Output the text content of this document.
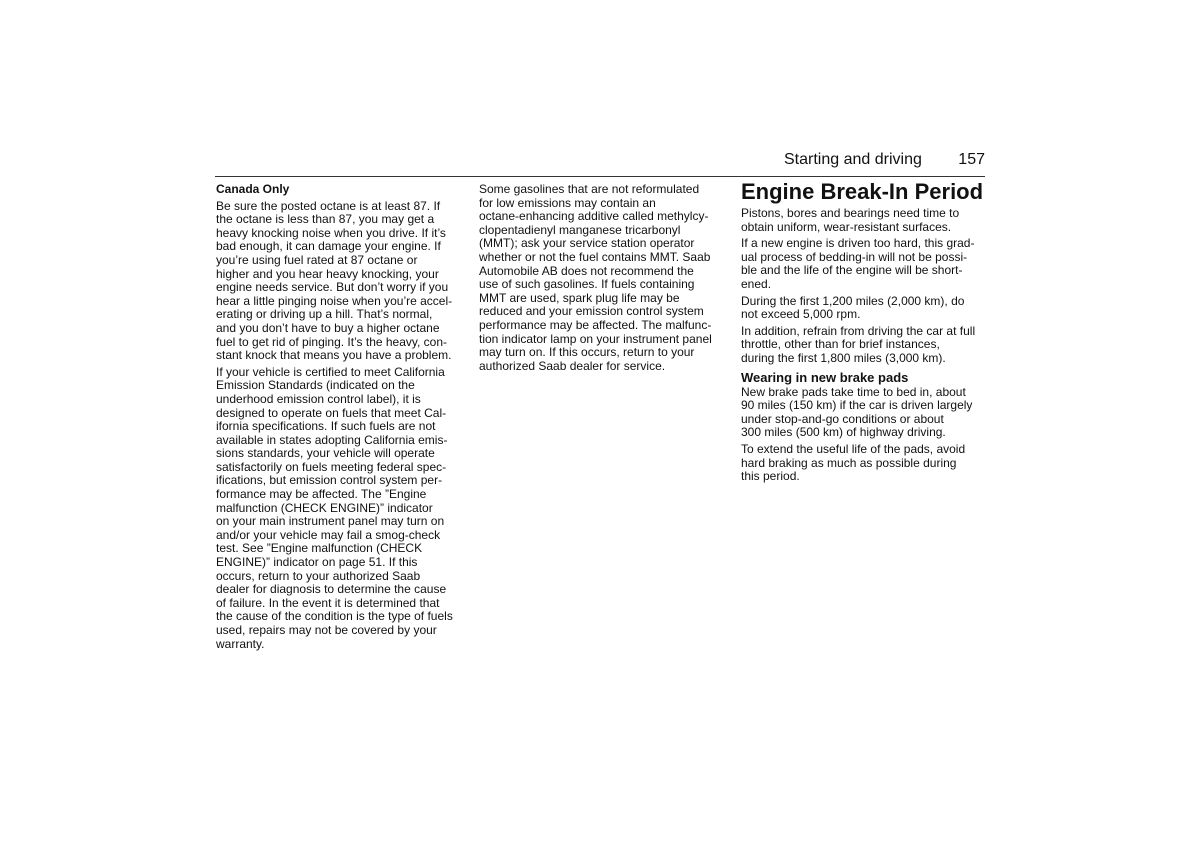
Starting and driving 157

Canada Only

Be sure the posted octane is at least 87. If
the octane is less than 87, you may get a
heavy knocking noise when you drive. If it’s
bad enough, it can damage your engine. If
you’re using fuel rated at 87 octane or
higher and you hear heavy knocking, your
engine needs service. But don’t worry if you
hear a little pinging noise when you’re accel-
erating or driving up a hill. That’s normal,
and you don’t have to buy a higher octane
fuel to get rid of pinging. It’s the heavy, con-
stant knock that means you have a problem.

If your vehicle is certified to meet California
Emission Standards (indicated on the
underhood emission control label), it is
designed to operate on fuels that meet Cal-
ifornia specifications. If such fuels are not
available in states adopting California emis-
sions standards, your vehicle will operate
satisfactorily on fuels meeting federal spec-
ifications, but emission control system per-
formance may be affected. The ”Engine
malfunction (CHECK ENGINE)” indicator
on your main instrument panel may turn on
and/or your vehicle may fail a smog-check
test. See ”Engine malfunction (CHECK
ENGINE)” indicator on page 51. If this
occurs, return to your authorized Saab
dealer for diagnosis to determine the cause
of failure. In the event it is determined that
the cause of the condition is the type of fuels
used, repairs may not be covered by your
warranty.

Some gasolines that are not reformulated
for low emissions may contain an
octane-enhancing additive called methylcy-
clopentadienyl manganese tricarbonyl
(MMT); ask your service station operator
whether or not the fuel contains MMT. Saab
Automobile AB does not recommend the
use of such gasolines. If fuels containing
MMT are used, spark plug life may be
reduced and your emission control system
performance may be affected. The malfunc-
tion indicator lamp on your instrument panel
may turn on. If this occurs, return to your
authorized Saab dealer for service.

Engine Break-In Period

Pistons, bores and bearings need time to
obtain uniform, wear-resistant surfaces.

If a new engine is driven too hard, this grad-
ual process of bedding-in will not be possi-
ble and the life of the engine will be short-
ened.

During the first 1,200 miles (2,000 km), do
not exceed 5,000 rpm.

In addition, refrain from driving the car at full
throttle, other than for brief instances,
during the first 1,800 miles (3,000 km).

Wearing in new brake pads

New brake pads take time to bed in, about
90 miles (150 km) if the car is driven largely
under stop-and-go conditions or about
300 miles (500 km) of highway driving.

To extend the useful life of the pads, avoid
hard braking as much as possible during
this period.
